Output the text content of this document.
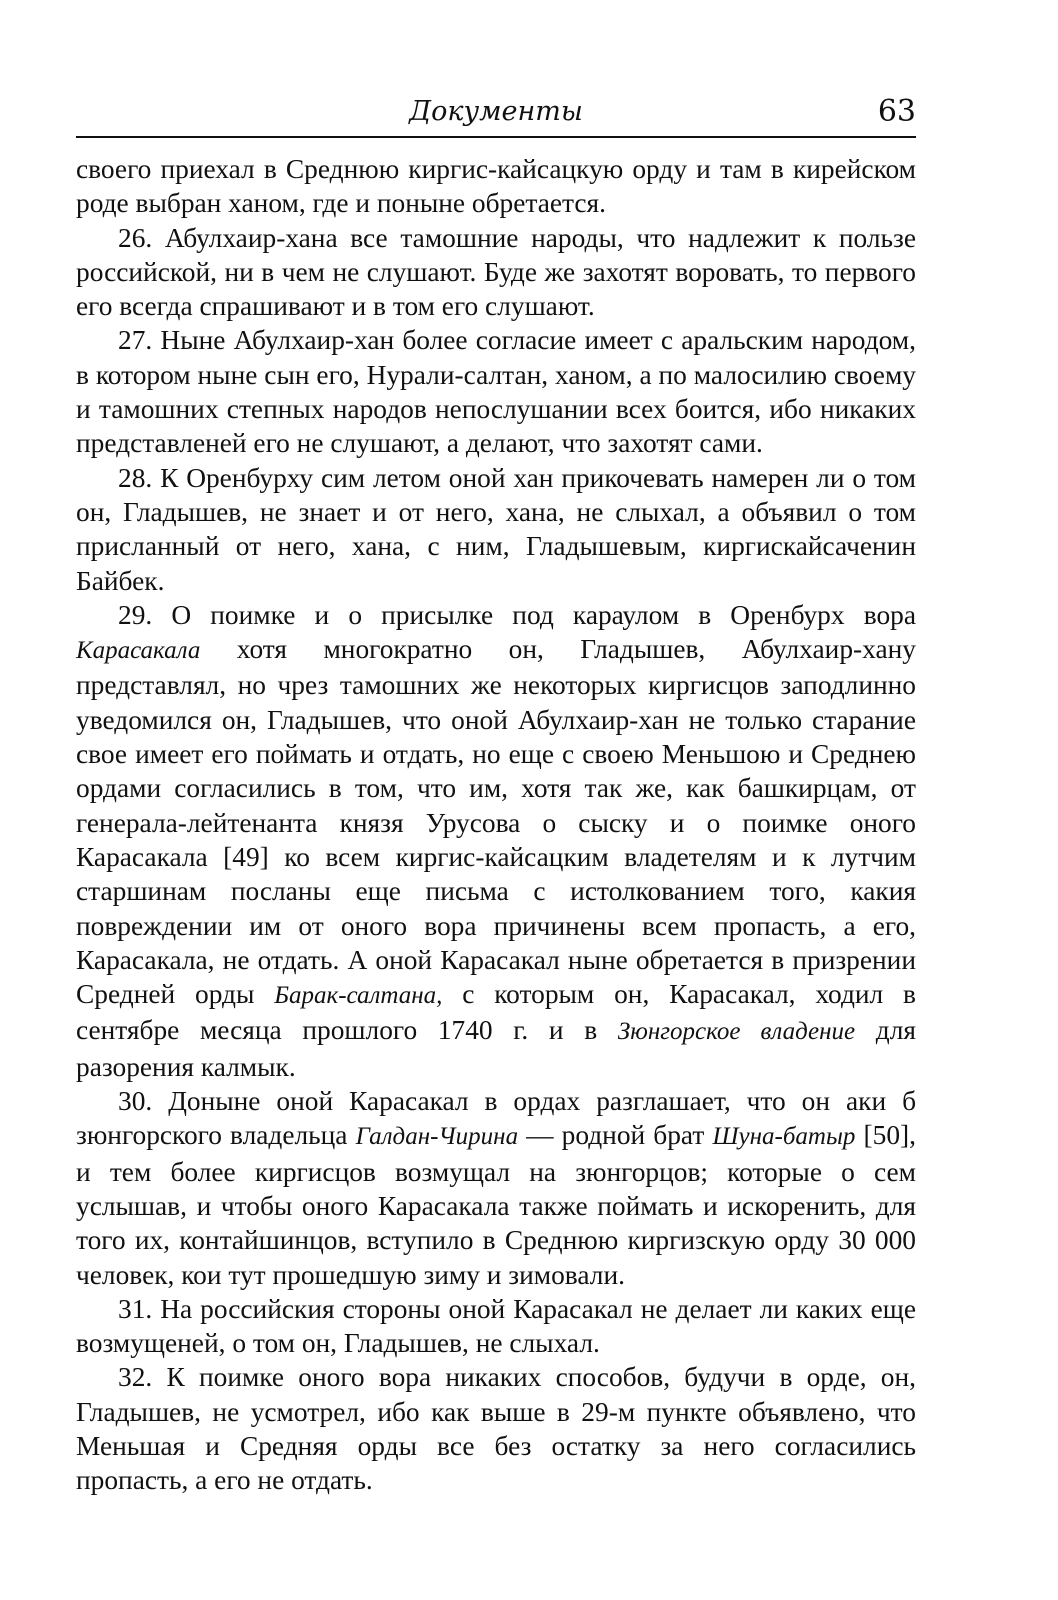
Документы	63

своего приехал в Среднюю киргис-кайсацкую орду и там в кирейском роде выбран ханом, где и поныне обретается.

26. Абулхаир-хана все тамошние народы, что надлежит к пользе российской, ни в чем не слушают. Буде же захотят воровать, то первого его всегда спрашивают и в том его слушают.

27. Ныне Абулхаир-хан более согласие имеет с аральским народом, в котором ныне сын его, Нурали-салтан, ханом, а по малосилию своему и тамошних степных народов непослушании всех боится, ибо никаких представленей его не слушают, а делают, что захотят сами.

28. К Оренбурху сим летом оной хан прикочевать намерен ли о том он, Гладышев, не знает и от него, хана, не слыхал, а объявил о том присланный от него, хана, с ним, Гладышевым, киргискайсаченин Байбек.

29. О поимке и о присылке под караулом в Оренбурх вора Карасакала хотя многократно он, Гладышев, Абулхаир-хану представлял, но чрез тамошних же некоторых киргисцов заподлинно уведомился он, Гладышев, что оной Абулхаир-хан не только старание свое имеет его поймать и отдать, но еще с своею Меньшою и Среднею ордами согласились в том, что им, хотя так же, как башкирцам, от генерала-лейтенанта князя Урусова о сыску и о поимке оного Карасакала [49] ко всем киргис-кайсацким владетелям и к лутчим старшинам посланы еще письма с истолкованием того, какия повреждении им от оного вора причинены всем пропасть, а его, Карасакала, не отдать. А оной Карасакал ныне обретается в призрении Средней орды Барак-салтана, с которым он, Карасакал, ходил в сентябре месяца прошлого 1740 г. и в Зюнгорское владение для разорения калмык.

30. Доныне оной Карасакал в ордах разглашает, что он аки б зюнгорского владельца Галдан-Чирина — родной брат Шуна-батыр [50], и тем более киргисцов возмущал на зюнгорцов; которые о сем услышав, и чтобы оного Карасакала также поймать и искоренить, для того их, контайшинцов, вступило в Среднюю киргизскую орду 30 000 человек, кои тут прошедшую зиму и зимовали.

31. На российския стороны оной Карасакал не делает ли каких еще возмущеней, о том он, Гладышев, не слыхал.

32. К поимке оного вора никаких способов, будучи в орде, он, Гладышев, не усмотрел, ибо как выше в 29-м пункте объявлено, что Меньшая и Средняя орды все без остатку за него согласились пропасть, а его не отдать.
